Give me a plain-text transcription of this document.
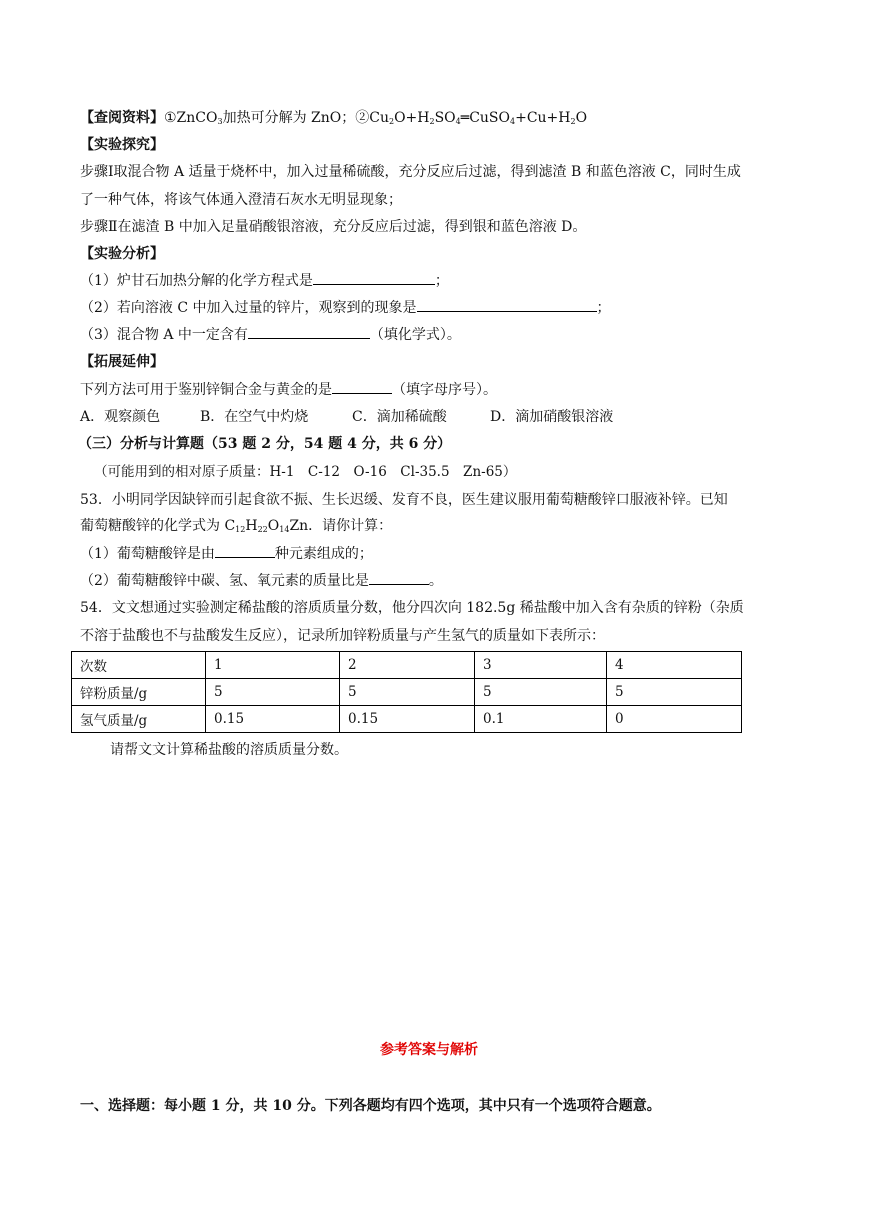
【查阅资料】①ZnCO$_3$加热可分解为 ZnO；$②Cu_2O+H_2SO_4═CuSO_4+Cu+H_2O$
【实验探究】
步骤Ⅰ取混合物 A 适量于烧杯中，加入过量稀硫酸，充分反应后过滤，得到滤渣 B 和蓝色溶液 C，同时生成
了一种气体，将该气体通入澄清石灰水无明显现象；
步骤Ⅱ在滤渣 B 中加入足量硝酸银溶液，充分反应后过滤，得到银和蓝色溶液 D。
【实验分析】
（1）炉甘石加热分解的化学方程式是	；
（2）若向溶液 C 中加入过量的锌片，观察到的现象是	；
（3）混合物 A 中一定含有	（填化学式）。
【拓展延伸】
下列方法可用于鉴别锌铜合金与黄金的是	（填字母序号）。
A．观察颜色	B．在空气中灼烧	C．滴加稀硫酸	D．滴加硝酸银溶液
（三）分析与计算题（53 题 2 分，54 题 4 分，共 6 分）
（可能用到的相对原子质量：H-1　C-12　O-16　Cl-35.5　Zn-65）
53．小明同学因缺锌而引起食欲不振、生长迟缓、发育不良，医生建议服用葡萄糖酸锌口服液补锌。已知
葡萄糖酸锌的化学式为 $C_{12}H_{22}O_{14}Zn$．请你计算：
（1）葡萄糖酸锌是由	种元素组成的；
（2）葡萄糖酸锌中碳、氢、氧元素的质量比是	。
54．文文想通过实验测定稀盐酸的溶质质量分数，他分四次向 182.5g 稀盐酸中加入含有杂质的锌粉（杂质
不溶于盐酸也不与盐酸发生反应），记录所加锌粉质量与产生氢气的质量如下表所示：
次数	1	2	3	4
锌粉质量/g	5	5	5	5
氢气质量/g	0.15	0.15	0.1	0
请帮文文计算稀盐酸的溶质质量分数。
参考答案与解析
一、选择题：每小题 1 分，共 10 分。下列各题均有四个选项，其中只有一个选项符合题意。
